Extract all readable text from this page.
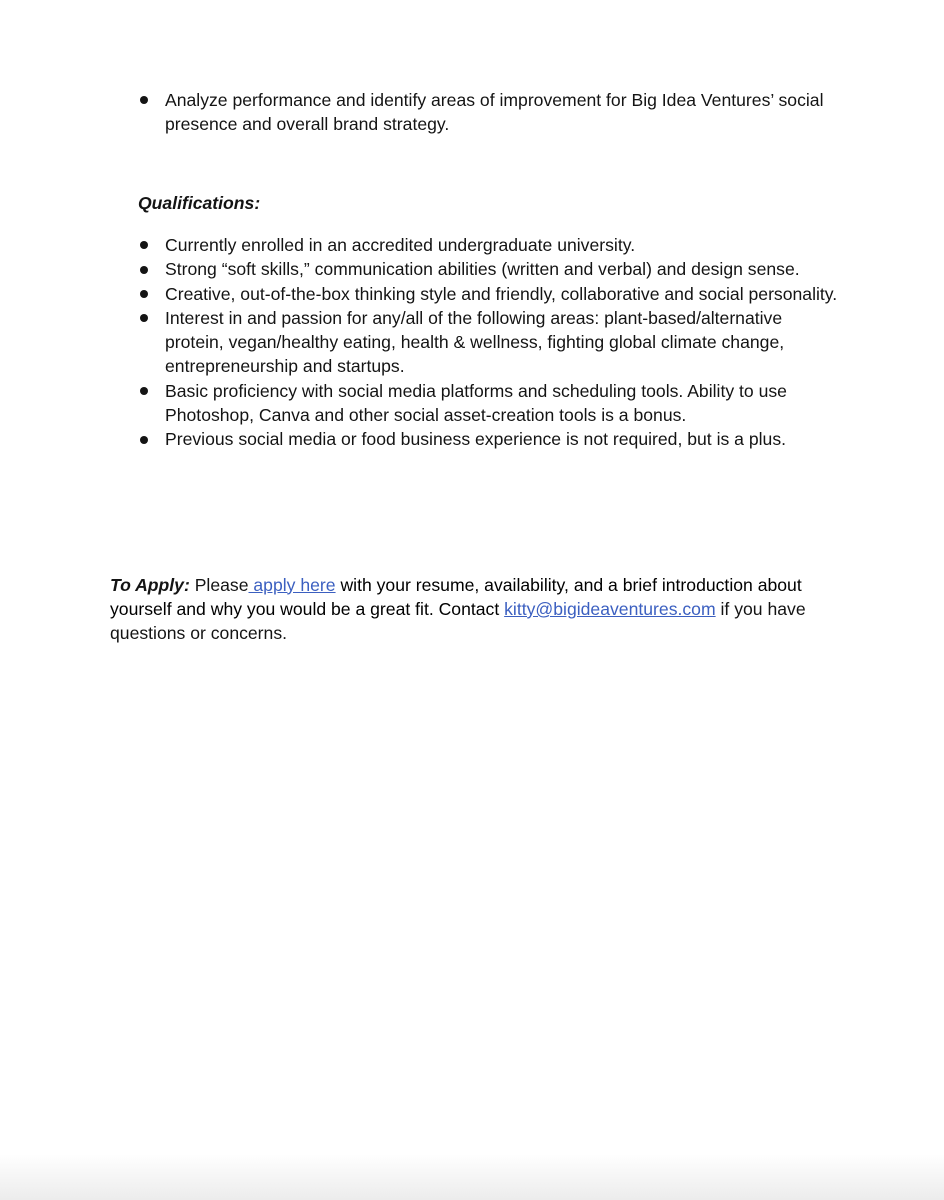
Analyze performance and identify areas of improvement for Big Idea Ventures’ social presence and overall brand strategy.
Qualifications:
Currently enrolled in an accredited undergraduate university.
Strong “soft skills,” communication abilities (written and verbal) and design sense.
Creative, out-of-the-box thinking style and friendly, collaborative and social personality.
Interest in and passion for any/all of the following areas: plant-based/alternative protein, vegan/healthy eating, health & wellness, fighting global climate change, entrepreneurship and startups.
Basic proficiency with social media platforms and scheduling tools. Ability to use Photoshop, Canva and other social asset-creation tools is a bonus.
Previous social media or food business experience is not required, but is a plus.

To Apply: Please apply here with your resume, availability, and a brief introduction about yourself and why you would be a great fit. Contact kitty@bigideaventures.com if you have questions or concerns.
